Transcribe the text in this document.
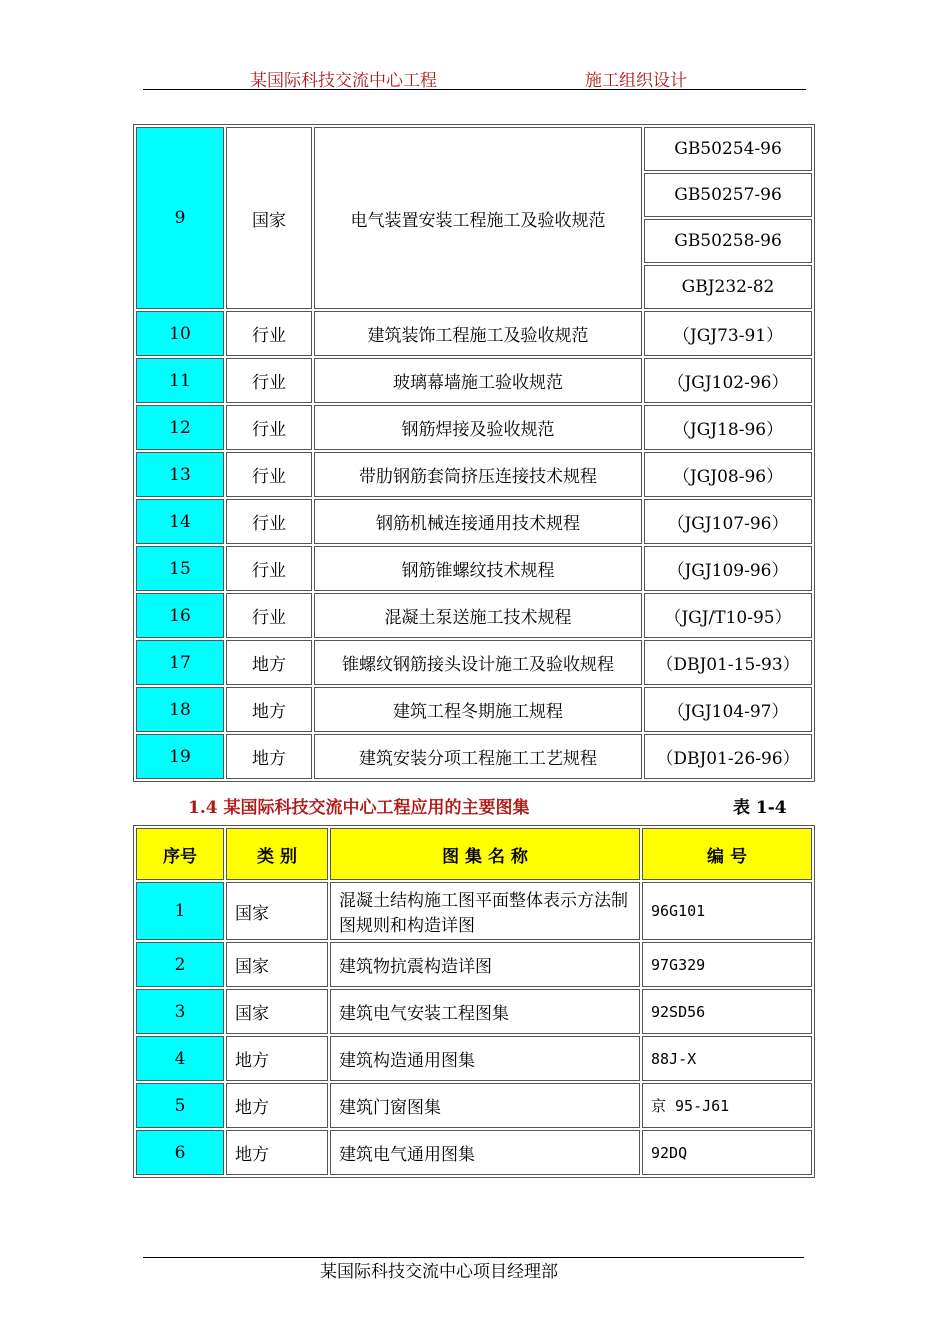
某国际科技交流中心工程	施工组织设计
9	国家	电气装置安装工程施工及验收规范	GB50254-96
			GB50257-96
			GB50258-96
			GBJ232-82
10	行业	建筑装饰工程施工及验收规范	（JGJ73-91）
11	行业	玻璃幕墙施工验收规范	（JGJ102-96）
12	行业	钢筋焊接及验收规范	（JGJ18-96）
13	行业	带肋钢筋套筒挤压连接技术规程	（JGJ08-96）
14	行业	钢筋机械连接通用技术规程	（JGJ107-96）
15	行业	钢筋锥螺纹技术规程	（JGJ109-96）
16	行业	混凝土泵送施工技术规程	（JGJ/T10-95）
17	地方	锥螺纹钢筋接头设计施工及验收规程	（DBJ01-15-93）
18	地方	建筑工程冬期施工规程	（JGJ104-97）
19	地方	建筑安装分项工程施工工艺规程	（DBJ01-26-96）
1.4 某国际科技交流中心工程应用的主要图集	表 1-4
序号	类 别	图 集 名 称	编 号
1	国家	混凝土结构施工图平面整体表示方法制图规则和构造详图	96G101
2	国家	建筑物抗震构造详图	97G329
3	国家	建筑电气安装工程图集	92SD56
4	地方	建筑构造通用图集	88J-X
5	地方	建筑门窗图集	京 95-J61
6	地方	建筑电气通用图集	92DQ
某国际科技交流中心项目经理部
